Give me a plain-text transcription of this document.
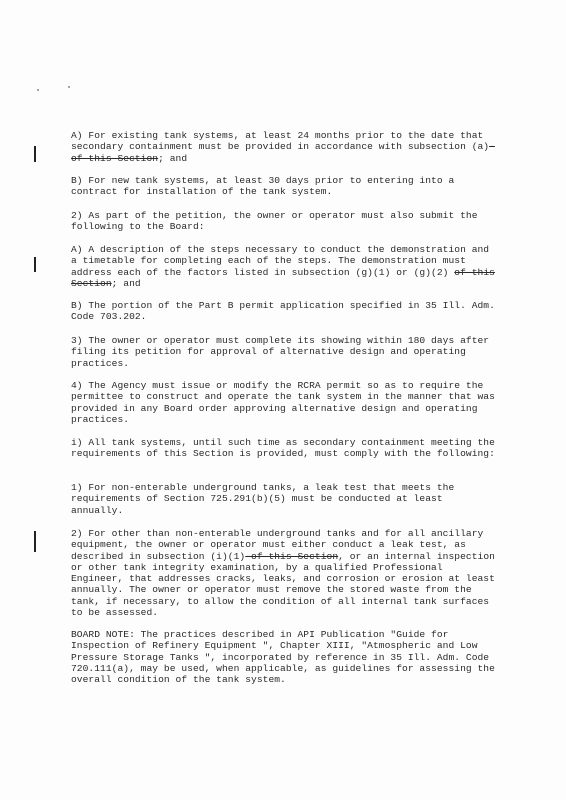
A) For existing tank systems, at least 24 months prior to the date that secondary containment must be provided in accordance with subsection (a)-of this Section; and
B) For new tank systems, at least 30 days prior to entering into a contract for installation of the tank system.
2) As part of the petition, the owner or operator must also submit the following to the Board:
A) A description of the steps necessary to conduct the demonstration and a timetable for completing each of the steps. The demonstration must address each of the factors listed in subsection (g)(1) or (g)(2) of this Section; and
B) The portion of the Part B permit application specified in 35 Ill. Adm. Code 703.202.
3) The owner or operator must complete its showing within 180 days after filing its petition for approval of alternative design and operating practices.
4) The Agency must issue or modify the RCRA permit so as to require the permittee to construct and operate the tank system in the manner that was provided in any Board order approving alternative design and operating practices.
i) All tank systems, until such time as secondary containment meeting the requirements of this Section is provided, must comply with the following:
1) For non-enterable underground tanks, a leak test that meets the requirements of Section 725.291(b)(5) must be conducted at least annually.
2) For other than non-enterable underground tanks and for all ancillary equipment, the owner or operator must either conduct a leak test, as described in subsection (i)(1)-of this Section, or an internal inspection or other tank integrity examination, by a qualified Professional Engineer, that addresses cracks, leaks, and corrosion or erosion at least annually. The owner or operator must remove the stored waste from the tank, if necessary, to allow the condition of all internal tank surfaces to be assessed.
BOARD NOTE: The practices described in API Publication "Guide for Inspection of Refinery Equipment ", Chapter XIII, "Atmospheric and Low Pressure Storage Tanks ", incorporated by reference in 35 Ill. Adm. Code 720.111(a), may be used, when applicable, as guidelines for assessing the overall condition of the tank system.
